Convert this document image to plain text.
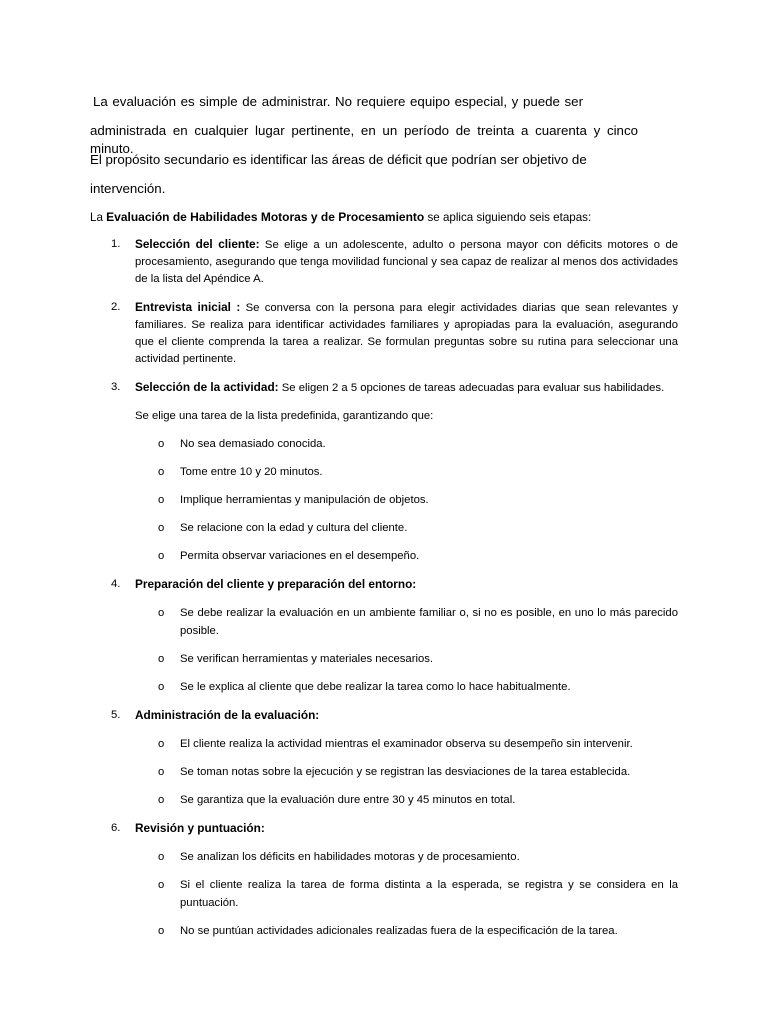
La evaluación es simple de administrar. No requiere equipo especial, y puede ser

administrada en cualquier lugar pertinente, en un período de treinta a cuarenta y cinco minuto.

El propósito secundario es identificar las áreas de déficit que podrían ser objetivo de

intervención.

La Evaluación de Habilidades Motoras y de Procesamiento se aplica siguiendo seis etapas:

1.	Selección del cliente: Se elige a un adolescente, adulto o persona mayor con déficits motores o de procesamiento, asegurando que tenga movilidad funcional y sea capaz de realizar al menos dos actividades de la lista del Apéndice A.
2.	Entrevista inicial : Se conversa con la persona para elegir actividades diarias que sean relevantes y familiares. Se realiza para identificar actividades familiares y apropiadas para la evaluación, asegurando que el cliente comprenda la tarea a realizar. Se formulan preguntas sobre su rutina para seleccionar una actividad pertinente.
3.	Selección de la actividad: Se eligen 2 a 5 opciones de tareas adecuadas para evaluar sus habilidades.
Se elige una tarea de la lista predefinida, garantizando que:
o No sea demasiado conocida.
o Tome entre 10 y 20 minutos.
o Implique herramientas y manipulación de objetos.
o Se relacione con la edad y cultura del cliente.
o Permita observar variaciones en el desempeño.
4.	Preparación del cliente y preparación del entorno:
o Se debe realizar la evaluación en un ambiente familiar o, si no es posible, en uno lo más parecido posible.
o Se verifican herramientas y materiales necesarios.
o Se le explica al cliente que debe realizar la tarea como lo hace habitualmente.
5.	Administración de la evaluación:
o El cliente realiza la actividad mientras el examinador observa su desempeño sin intervenir.
o Se toman notas sobre la ejecución y se registran las desviaciones de la tarea establecida.
o Se garantiza que la evaluación dure entre 30 y 45 minutos en total.
6.	Revisión y puntuación:
o Se analizan los déficits en habilidades motoras y de procesamiento.
o Si el cliente realiza la tarea de forma distinta a la esperada, se registra y se considera en la puntuación.
o No se puntúan actividades adicionales realizadas fuera de la especificación de la tarea.
